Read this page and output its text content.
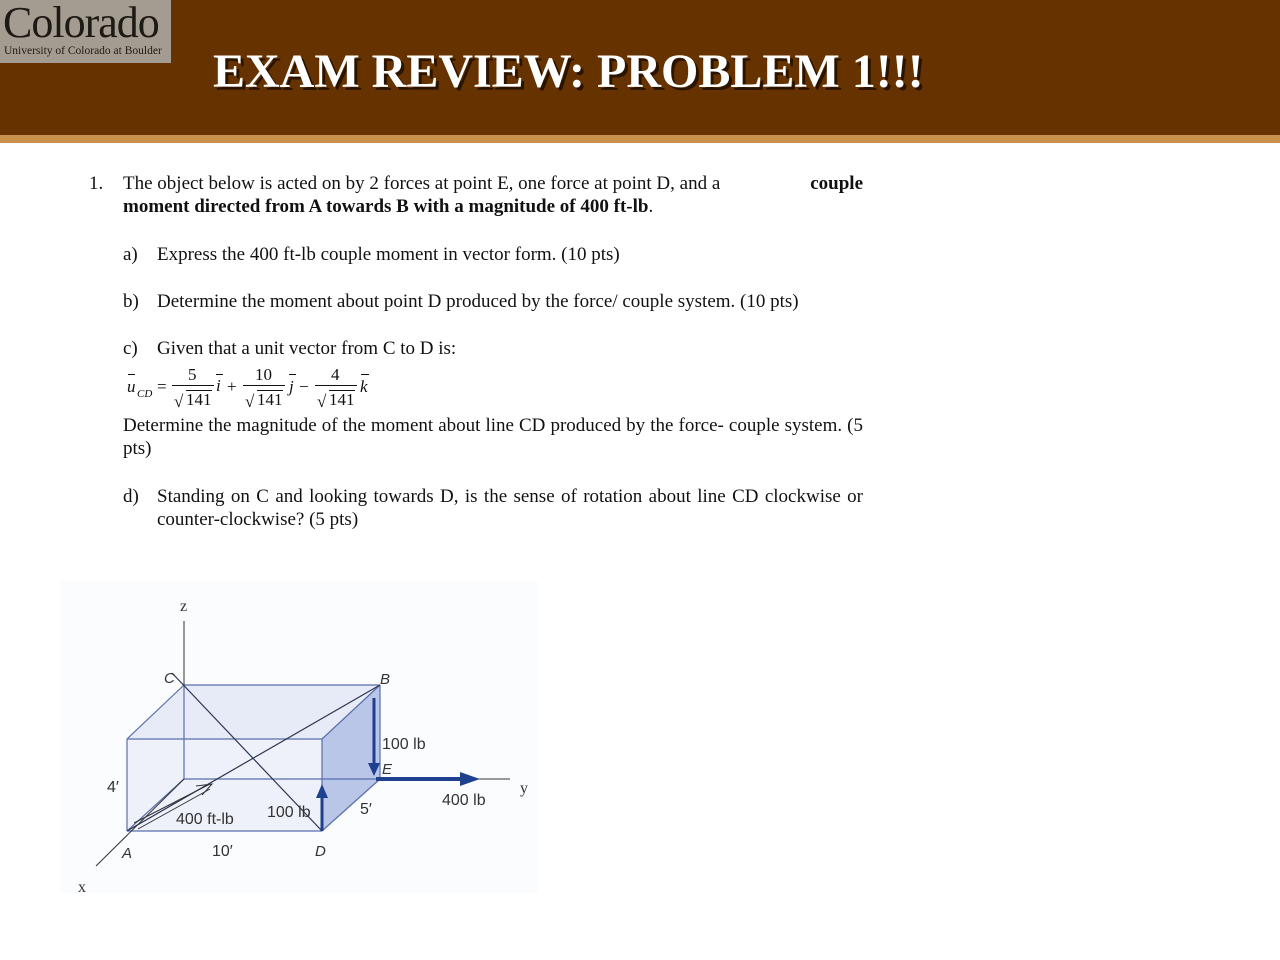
Colorado
University of Colorado at Boulder EXAM REVIEW: PROBLEM 1!!!
1. The object below is acted on by 2 forces at point E, one force at point D, and a	couple
moment directed from A towards B with a magnitude of 400 ft-lb.
a) Express the 400 ft-lb couple moment in vector form. (10 pts)
b) Determine the moment about point D produced by the force/ couple system. (10 pts)
c) Given that a unit vector from C to D is:
u CD =
5
√ 141
i +
10
√ 141
j −
4
√ 141
k
Determine the magnitude of the moment about line CD produced by the force- couple system. (5 pts)
d) Standing on C and looking towards D, is the sense of rotation about line CD clockwise or counter-clockwise? (5 pts)
z
y
x
C	B
E
A	D
100 lb
400 lb
100 lb
400 ft-lb
4′
10′
5′
